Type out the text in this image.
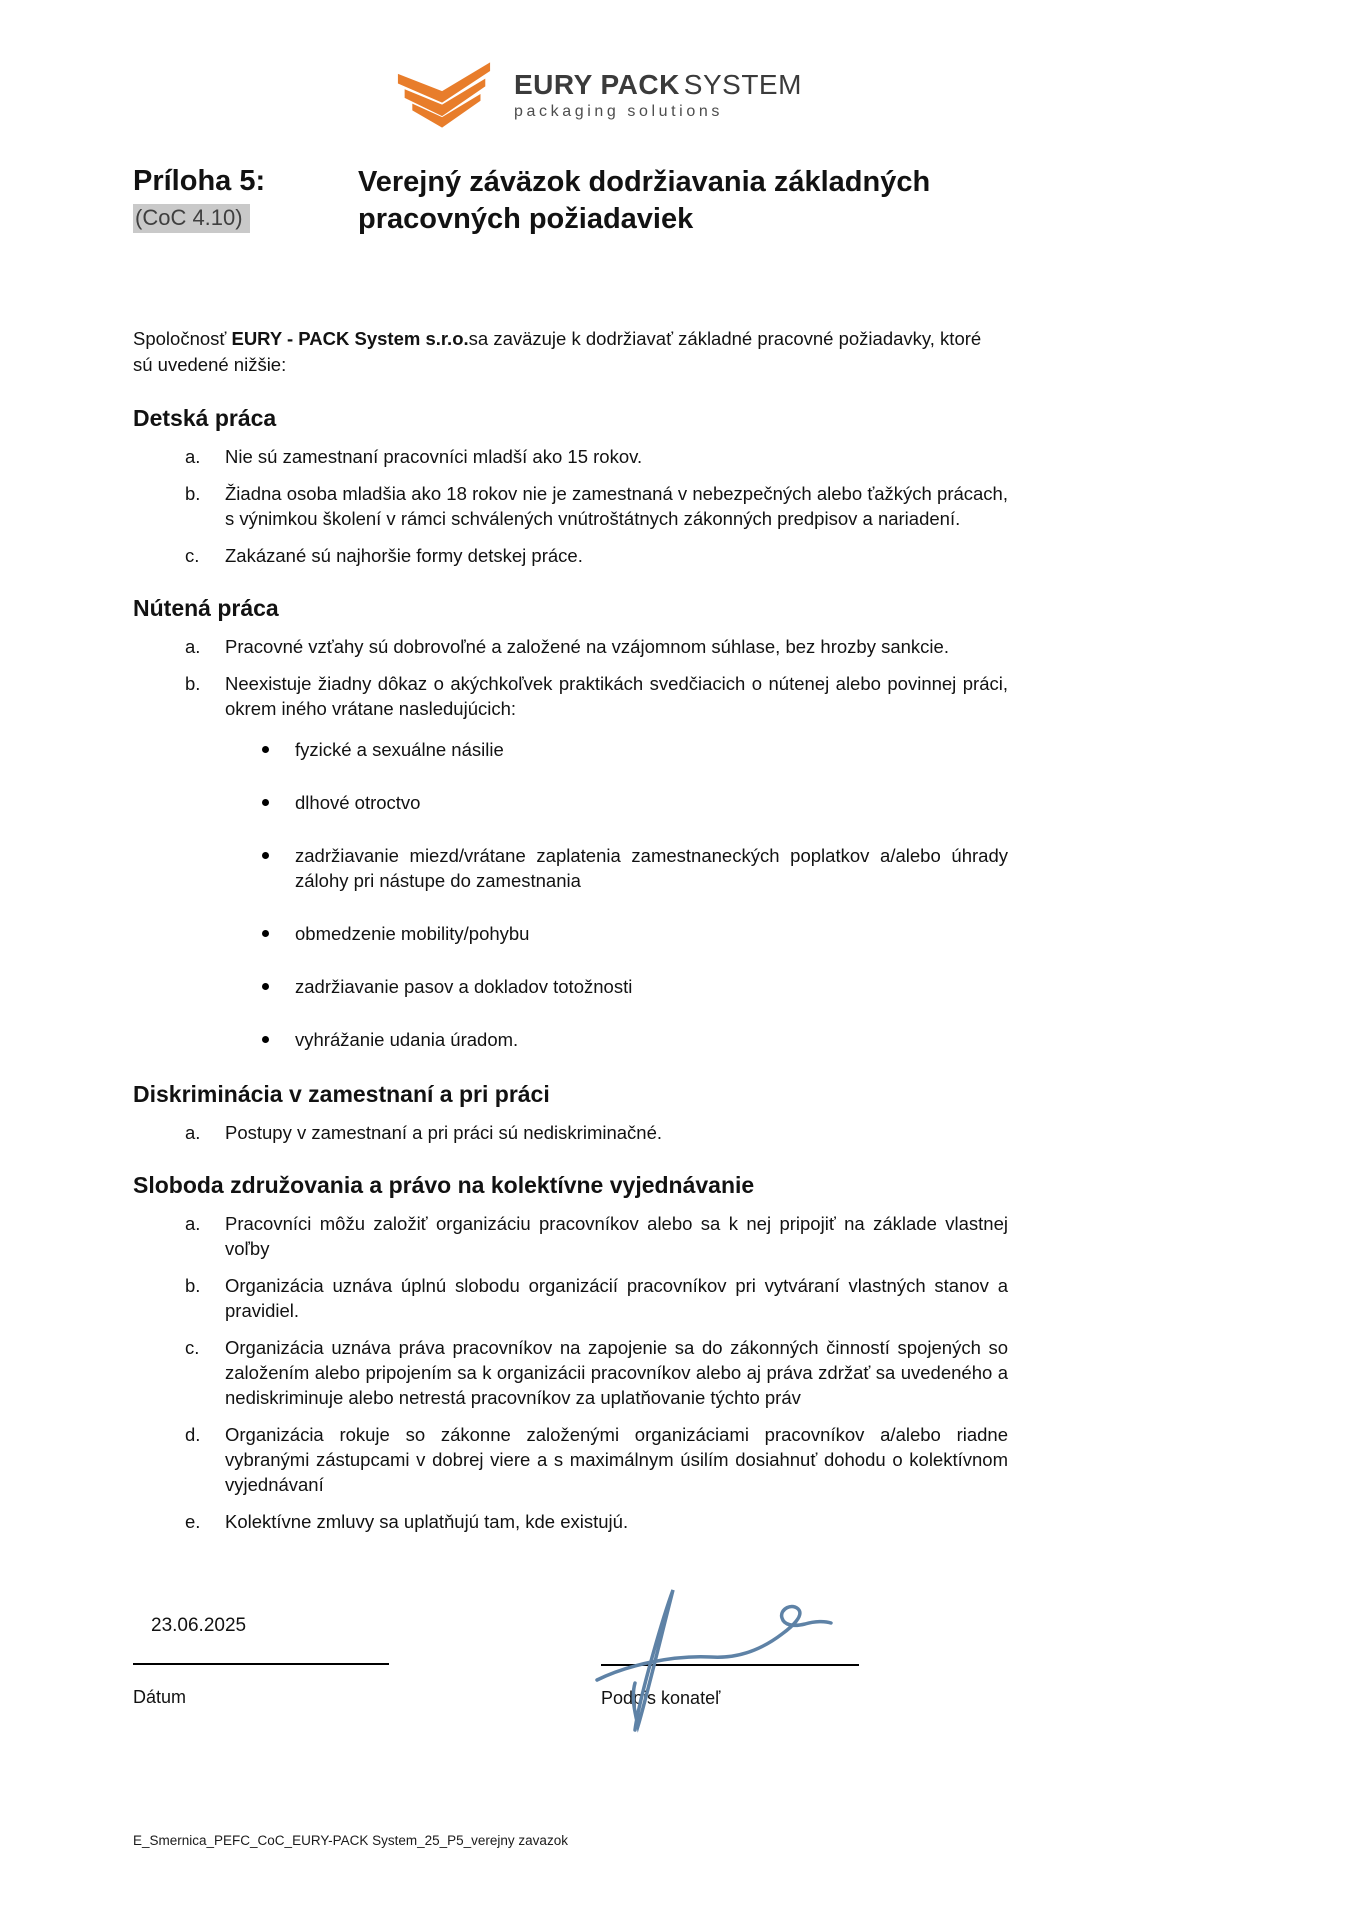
EURY PACK SYSTEM
packaging solutions
Príloha 5:
(CoC 4.10)
Verejný záväzok dodržiavania základných
pracovných požiadaviek

Spoločnosť EURY - PACK System s.r.o.sa zaväzuje k dodržiavať základné pracovné požiadavky, ktoré sú uvedené nižšie:

Detská práca
a.	Nie sú zamestnaní pracovníci mladší ako 15 rokov.
b.	Žiadna osoba mladšia ako 18 rokov nie je zamestnaná v nebezpečných alebo ťažkých prácach, s výnimkou školení v rámci schválených vnútroštátnych zákonných predpisov a nariadení.
c.	Zakázané sú najhoršie formy detskej práce.
Nútená práca
a.	Pracovné vzťahy sú dobrovoľné a založené na vzájomnom súhlase, bez hrozby sankcie.
b.	Neexistuje žiadny dôkaz o akýchkoľvek praktikách svedčiacich o nútenej alebo povinnej práci, okrem iného vrátane nasledujúcich:
fyzické a sexuálne násilie
dlhové otroctvo
zadržiavanie miezd/vrátane zaplatenia zamestnaneckých poplatkov a/alebo úhrady zálohy pri nástupe do zamestnania
obmedzenie mobility/pohybu
zadržiavanie pasov a dokladov totožnosti
vyhrážanie udania úradom.
Diskriminácia v zamestnaní a pri práci
a.	Postupy v zamestnaní a pri práci sú nediskriminačné.
Sloboda združovania a právo na kolektívne vyjednávanie
a.	Pracovníci môžu založiť organizáciu pracovníkov alebo sa k nej pripojiť na základe vlastnej voľby
b.	Organizácia uznáva úplnú slobodu organizácií pracovníkov pri vytváraní vlastných stanov a pravidiel.
c.	Organizácia uznáva práva pracovníkov na zapojenie sa do zákonných činností spojených so založením alebo pripojením sa k organizácii pracovníkov alebo aj práva zdržať sa uvedeného a nediskriminuje alebo netrestá pracovníkov za uplatňovanie týchto práv
d.	Organizácia rokuje so zákonne založenými organizáciami pracovníkov a/alebo riadne vybranými zástupcami v dobrej viere a s maximálnym úsilím dosiahnuť dohodu o kolektívnom vyjednávaní
e.	Kolektívne zmluvy sa uplatňujú tam, kde existujú.
23.06.2025
Dátum	Podpis konateľ
E_Smernica_PEFC_CoC_EURY-PACK System_25_P5_verejny zavazok
